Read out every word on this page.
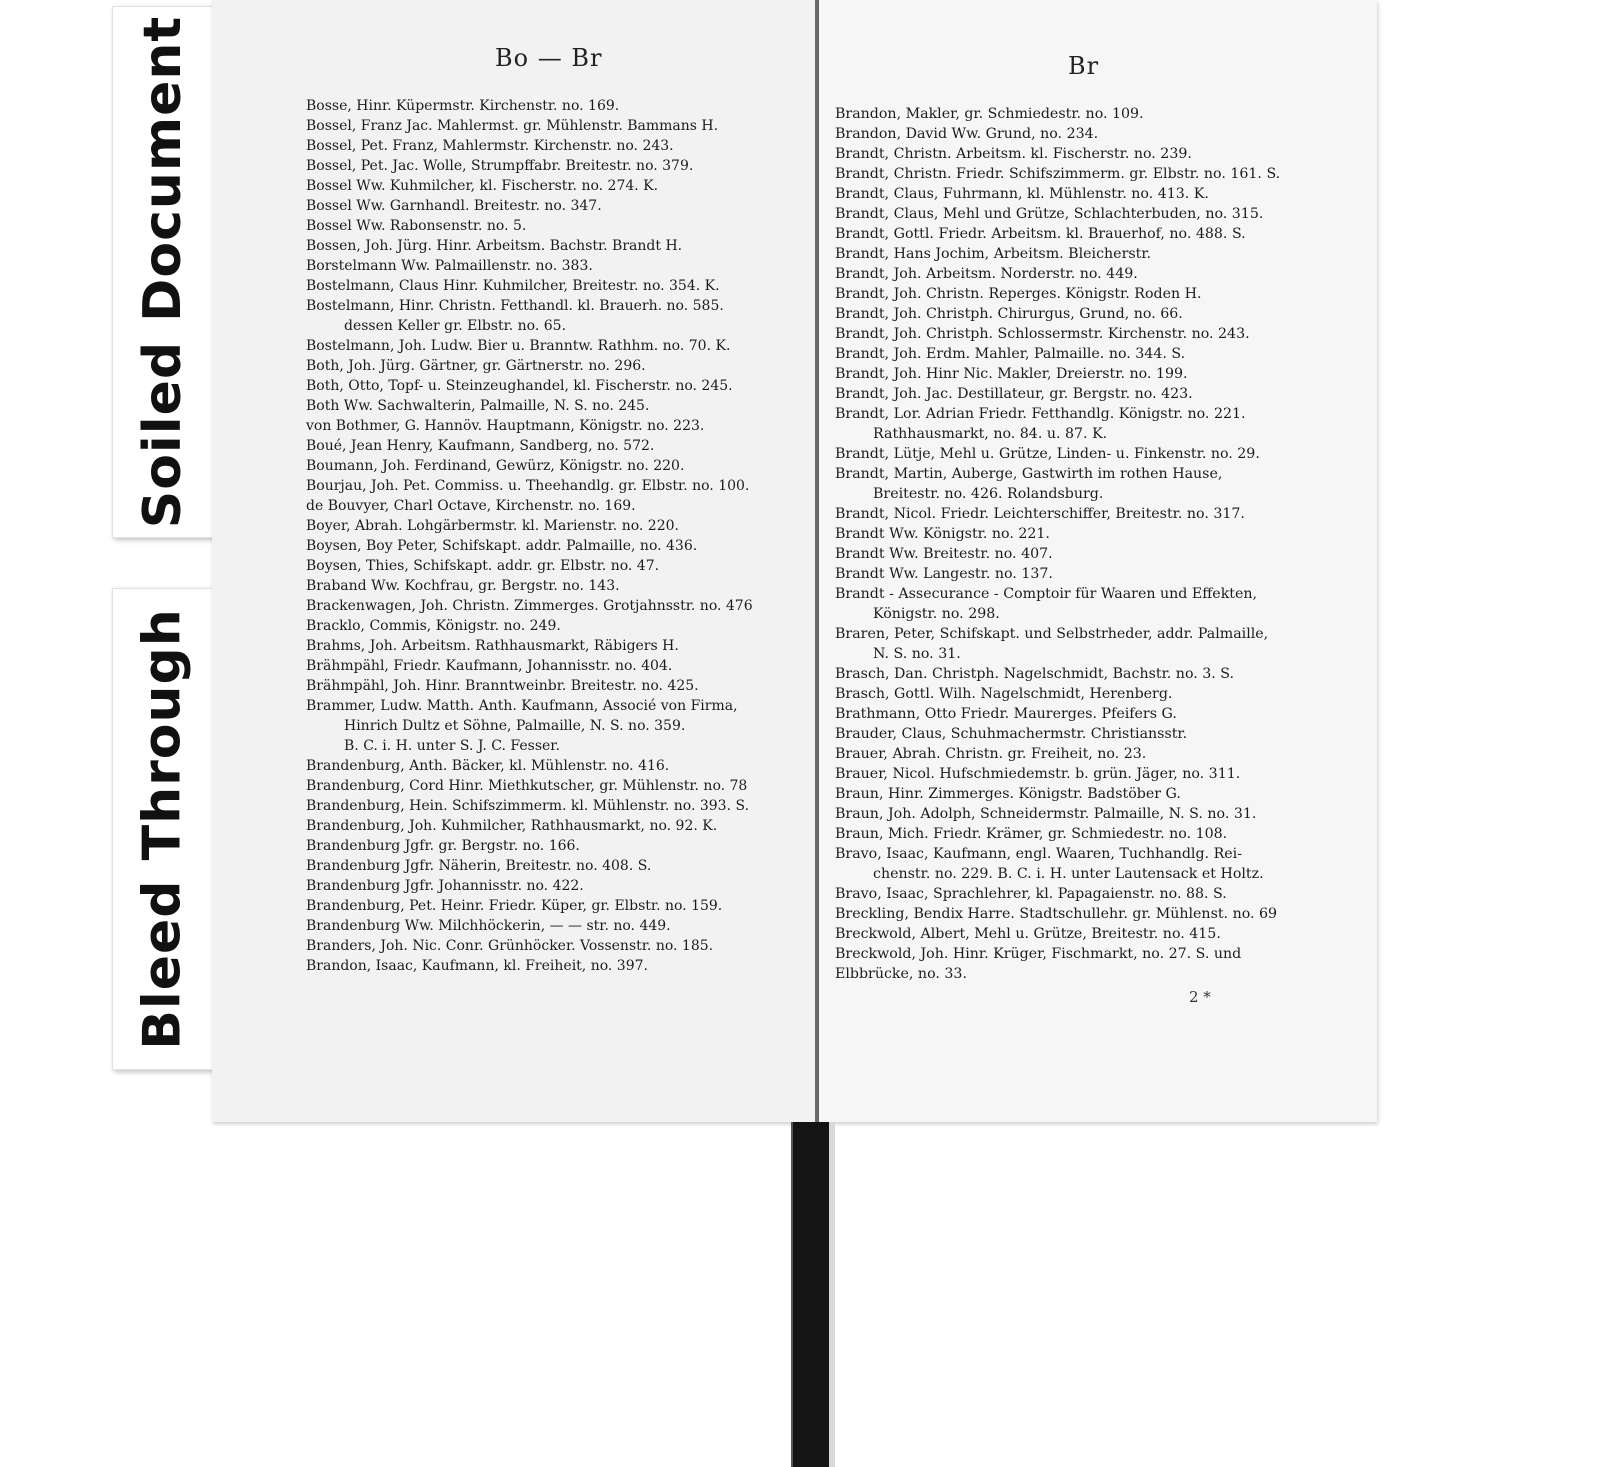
Soiled Document
Bleed Through
Bo — Br
Bosse, Hinr. Küpermstr. Kirchenstr. no. 169.
Bossel, Franz Jac. Mahlermst. gr. Mühlenstr. Bammans H.
Bossel, Pet. Franz, Mahlermstr. Kirchenstr. no. 243.
Bossel, Pet. Jac. Wolle, Strumpffabr. Breitestr. no. 379.
Bossel Ww. Kuhmilcher, kl. Fischerstr. no. 274. K.
Bossel Ww. Garnhandl. Breitestr. no. 347.
Bossel Ww. Rabonsenstr. no. 5.
Bossen, Joh. Jürg. Hinr. Arbeitsm. Bachstr. Brandt H.
Borstelmann Ww. Palmaillenstr. no. 383.
Bostelmann, Claus Hinr. Kuhmilcher, Breitestr. no. 354. K.
Bostelmann, Hinr. Christn. Fetthandl. kl. Brauerh. no. 585.
dessen Keller gr. Elbstr. no. 65.
Bostelmann, Joh. Ludw. Bier u. Branntw. Rathhm. no. 70. K.
Both, Joh. Jürg. Gärtner, gr. Gärtnerstr. no. 296.
Both, Otto, Topf- u. Steinzeughandel, kl. Fischerstr. no. 245.
Both Ww. Sachwalterin, Palmaille, N. S. no. 245.
von Bothmer, G. Hannöv. Hauptmann, Königstr. no. 223.
Boué, Jean Henry, Kaufmann, Sandberg, no. 572.
Boumann, Joh. Ferdinand, Gewürz, Königstr. no. 220.
Bourjau, Joh. Pet. Commiss. u. Theehandlg. gr. Elbstr. no. 100.
de Bouvyer, Charl Octave, Kirchenstr. no. 169.
Boyer, Abrah. Lohgärbermstr. kl. Marienstr. no. 220.
Boysen, Boy Peter, Schifskapt. addr. Palmaille, no. 436.
Boysen, Thies, Schifskapt. addr. gr. Elbstr. no. 47.
Braband Ww. Kochfrau, gr. Bergstr. no. 143.
Brackenwagen, Joh. Christn. Zimmerges. Grotjahnsstr. no. 476
Bracklo, Commis, Königstr. no. 249.
Brahms, Joh. Arbeitsm. Rathhausmarkt, Räbigers H.
Brähmpähl, Friedr. Kaufmann, Johannisstr. no. 404.
Brähmpähl, Joh. Hinr. Branntweinbr. Breitestr. no. 425.
Brammer, Ludw. Matth. Anth. Kaufmann, Associé von Firma,
Hinrich Dultz et Söhne, Palmaille, N. S. no. 359.
B. C. i. H. unter S. J. C. Fesser.
Brandenburg, Anth. Bäcker, kl. Mühlenstr. no. 416.
Brandenburg, Cord Hinr. Miethkutscher, gr. Mühlenstr. no. 78
Brandenburg, Hein. Schifszimmerm. kl. Mühlenstr. no. 393. S.
Brandenburg, Joh. Kuhmilcher, Rathhausmarkt, no. 92. K.
Brandenburg Jgfr. gr. Bergstr. no. 166.
Brandenburg Jgfr. Näherin, Breitestr. no. 408. S.
Brandenburg Jgfr. Johannisstr. no. 422.
Brandenburg, Pet. Heinr. Friedr. Küper, gr. Elbstr. no. 159.
Brandenburg Ww. Milchhöckerin, — — str. no. 449.
Branders, Joh. Nic. Conr. Grünhöcker. Vossenstr. no. 185.
Brandon, Isaac, Kaufmann, kl. Freiheit, no. 397.
Br
Brandon, Makler, gr. Schmiedestr. no. 109.
Brandon, David Ww. Grund, no. 234.
Brandt, Christn. Arbeitsm. kl. Fischerstr. no. 239.
Brandt, Christn. Friedr. Schifszimmerm. gr. Elbstr. no. 161. S.
Brandt, Claus, Fuhrmann, kl. Mühlenstr. no. 413. K.
Brandt, Claus, Mehl und Grütze, Schlachterbuden, no. 315.
Brandt, Gottl. Friedr. Arbeitsm. kl. Brauerhof, no. 488. S.
Brandt, Hans Jochim, Arbeitsm. Bleicherstr.
Brandt, Joh. Arbeitsm. Norderstr. no. 449.
Brandt, Joh. Christn. Reperges. Königstr. Roden H.
Brandt, Joh. Christph. Chirurgus, Grund, no. 66.
Brandt, Joh. Christph. Schlossermstr. Kirchenstr. no. 243.
Brandt, Joh. Erdm. Mahler, Palmaille. no. 344. S.
Brandt, Joh. Hinr Nic. Makler, Dreierstr. no. 199.
Brandt, Joh. Jac. Destillateur, gr. Bergstr. no. 423.
Brandt, Lor. Adrian Friedr. Fetthandlg. Königstr. no. 221.
Rathhausmarkt, no. 84. u. 87. K.
Brandt, Lütje, Mehl u. Grütze, Linden- u. Finkenstr. no. 29.
Brandt, Martin, Auberge, Gastwirth im rothen Hause,
Breitestr. no. 426. Rolandsburg.
Brandt, Nicol. Friedr. Leichterschiffer, Breitestr. no. 317.
Brandt Ww. Königstr. no. 221.
Brandt Ww. Breitestr. no. 407.
Brandt Ww. Langestr. no. 137.
Brandt - Assecurance - Comptoir für Waaren und Effekten,
Königstr. no. 298.
Braren, Peter, Schifskapt. und Selbstrheder, addr. Palmaille,
N. S. no. 31.
Brasch, Dan. Christph. Nagelschmidt, Bachstr. no. 3. S.
Brasch, Gottl. Wilh. Nagelschmidt, Herenberg.
Brathmann, Otto Friedr. Maurerges. Pfeifers G.
Brauder, Claus, Schuhmachermstr. Christiansstr.
Brauer, Abrah. Christn. gr. Freiheit, no. 23.
Brauer, Nicol. Hufschmiedemstr. b. grün. Jäger, no. 311.
Braun, Hinr. Zimmerges. Königstr. Badstöber G.
Braun, Joh. Adolph, Schneidermstr. Palmaille, N. S. no. 31.
Braun, Mich. Friedr. Krämer, gr. Schmiedestr. no. 108.
Bravo, Isaac, Kaufmann, engl. Waaren, Tuchhandlg. Rei-
chenstr. no. 229. B. C. i. H. unter Lautensack et Holtz.
Bravo, Isaac, Sprachlehrer, kl. Papagaienstr. no. 88. S.
Breckling, Bendix Harre. Stadtschullehr. gr. Mühlenst. no. 69
Breckwold, Albert, Mehl u. Grütze, Breitestr. no. 415.
Breckwold, Joh. Hinr. Krüger, Fischmarkt, no. 27. S. und
Elbbrücke, no. 33.
2 *
